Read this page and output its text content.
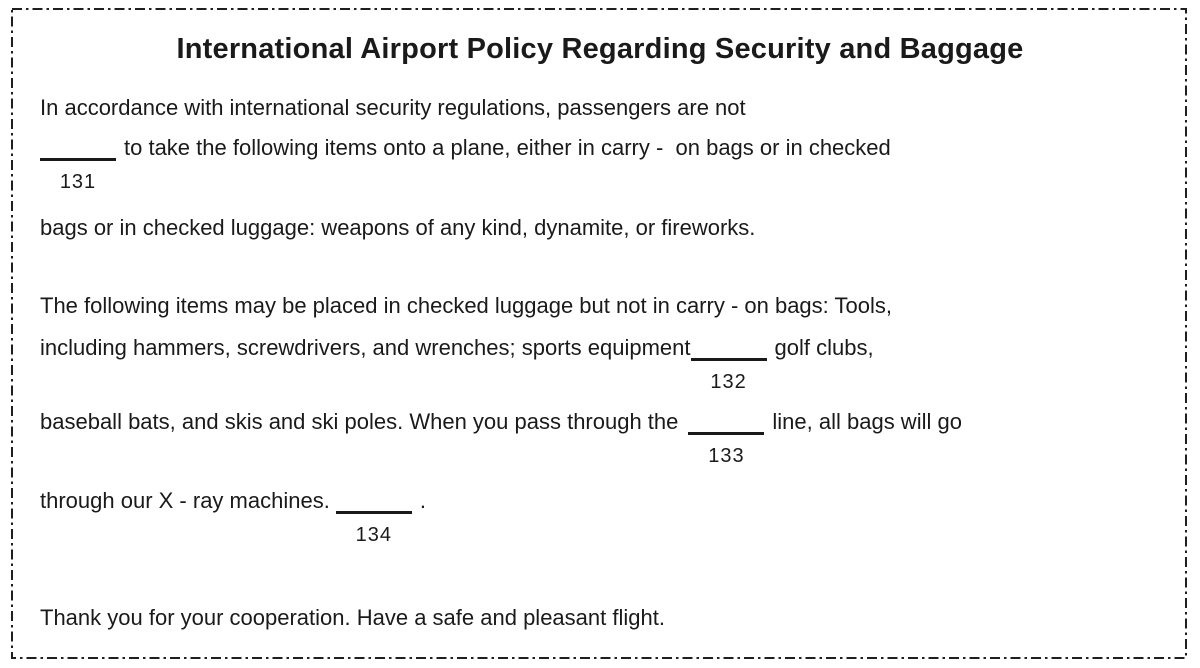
International Airport Policy Regarding Security and Baggage
In accordance with international security regulations, passengers are not
131
to take the following items onto a plane, either in carry -  on bags or in checked
bags or in checked luggage: weapons of any kind, dynamite, or fireworks.
The following items may be placed in checked luggage but not in carry - on bags: Tools,
including hammers, screwdrivers, and wrenches; sports equipment
132
golf clubs,
baseball bats, and skis and ski poles. When you pass through the
133
line, all bags will go
through our X - ray machines.
134
.
Thank you for your cooperation. Have a safe and pleasant flight.
